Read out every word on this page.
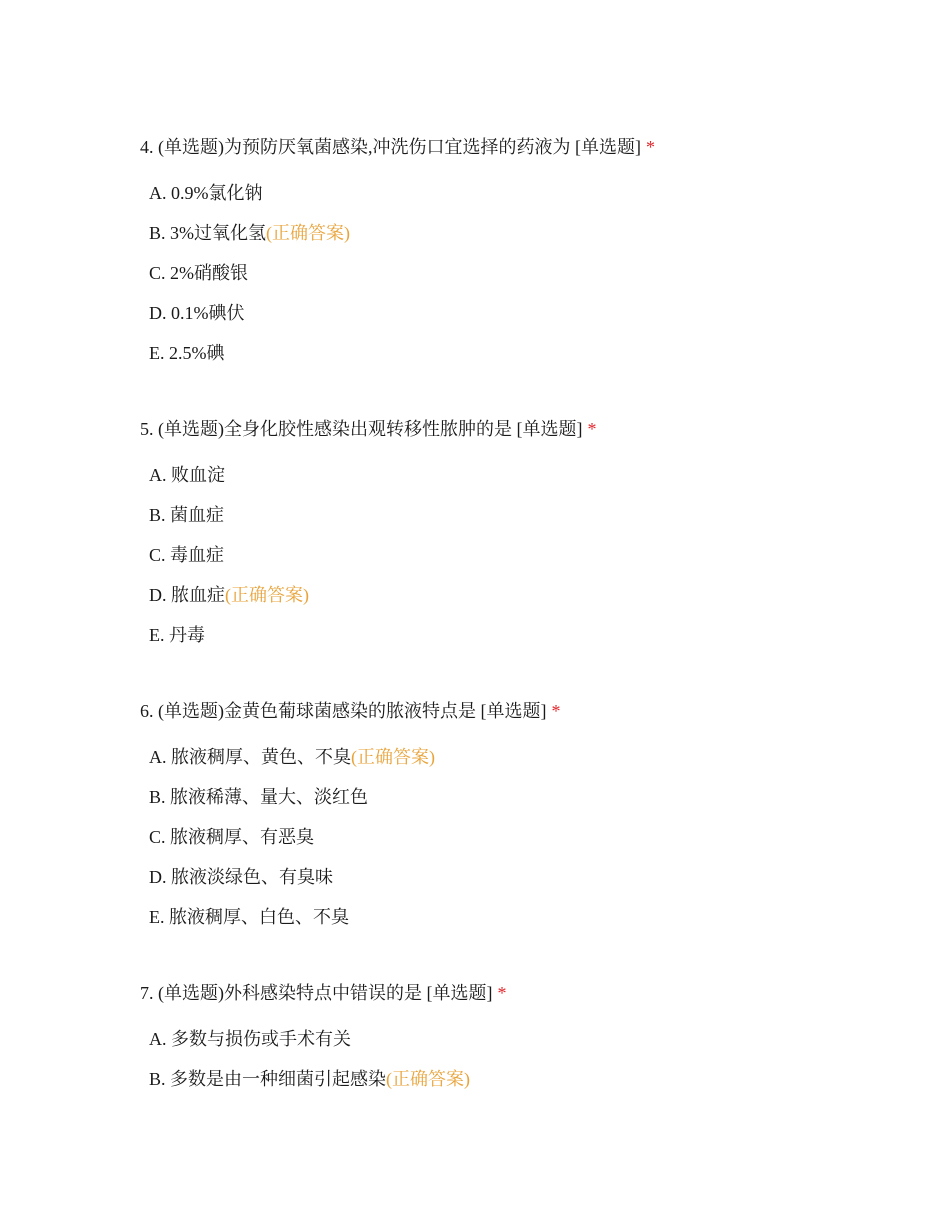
4. (单选题)为预防厌氧菌感染,冲洗伤口宜选择的药液为 [单选题] *
A. 0.9%氯化钠
B. 3%过氧化氢(正确答案)
C. 2%硝酸银
D. 0.1%碘伏
E. 2.5%碘
5. (单选题)全身化胶性感染出观转移性脓肿的是 [单选题] *
A. 败血淀
B. 菌血症
C. 毒血症
D. 脓血症(正确答案)
E. 丹毒
6. (单选题)金黄色葡球菌感染的脓液特点是 [单选题] *
A. 脓液稠厚、黄色、不臭(正确答案)
B. 脓液稀薄、量大、淡红色
C. 脓液稠厚、有恶臭
D. 脓液淡绿色、有臭味
E. 脓液稠厚、白色、不臭
7. (单选题)外科感染特点中错误的是 [单选题] *
A. 多数与损伤或手术有关
B. 多数是由一种细菌引起感染(正确答案)
